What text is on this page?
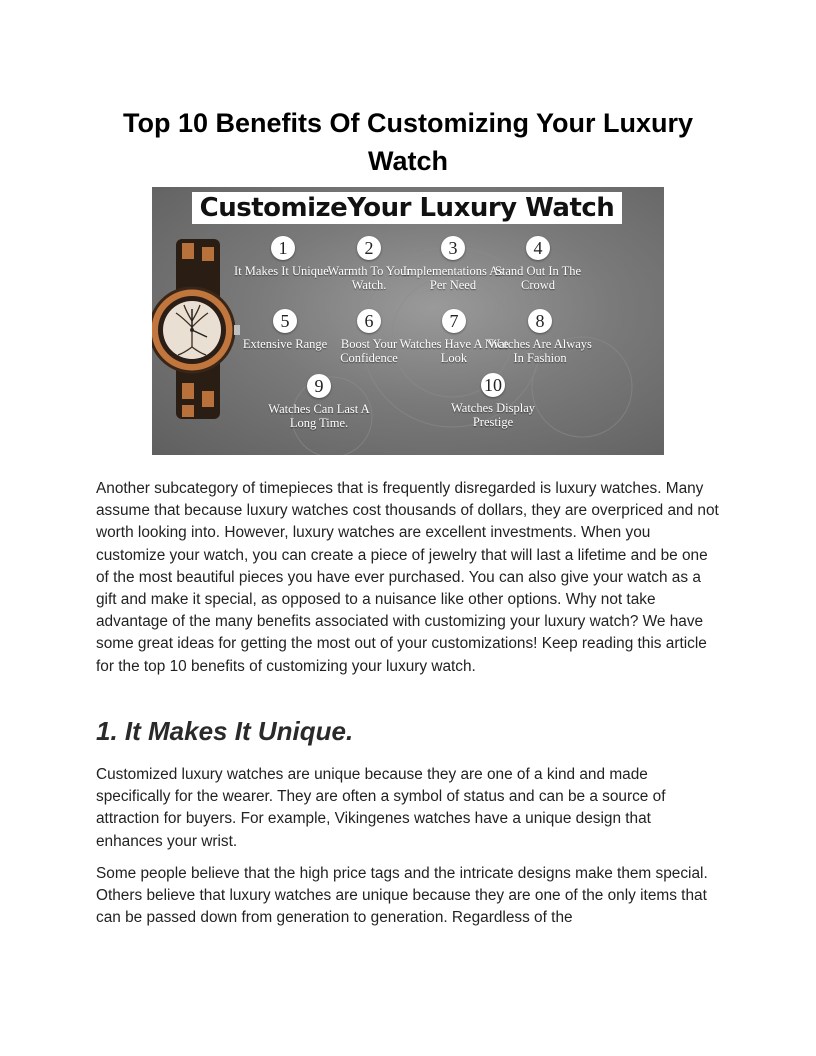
Top 10 Benefits Of Customizing Your Luxury Watch
CustomizeYour Luxury Watch
1
It Makes It Unique.
2
Warmth To Your Watch.
3
Implementations As Per Need
4
Stand Out In The Crowd
5
Extensive Range
6
Boost Your Confidence
7
Watches Have A Nice Look
8
Watches Are Always In Fashion
9
Watches Can Last A Long Time.
10
Watches Display Prestige

Another subcategory of timepieces that is frequently disregarded is luxury watches. Many assume that because luxury watches cost thousands of dollars, they are overpriced and not worth looking into. However, luxury watches are excellent investments. When you customize your watch, you can create a piece of jewelry that will last a lifetime and be one of the most beautiful pieces you have ever purchased. You can also give your watch as a gift and make it special, as opposed to a nuisance like other options. Why not take advantage of the many benefits associated with customizing your luxury watch? We have some great ideas for getting the most out of your customizations! Keep reading this article for the top 10 benefits of customizing your luxury watch.

1. It Makes It Unique.

Customized luxury watches are unique because they are one of a kind and made specifically for the wearer. They are often a symbol of status and can be a source of attraction for buyers. For example, Vikingenes watches have a unique design that enhances your wrist.

Some people believe that the high price tags and the intricate designs make them special. Others believe that luxury watches are unique because they are one of the only items that can be passed down from generation to generation. Regardless of the
